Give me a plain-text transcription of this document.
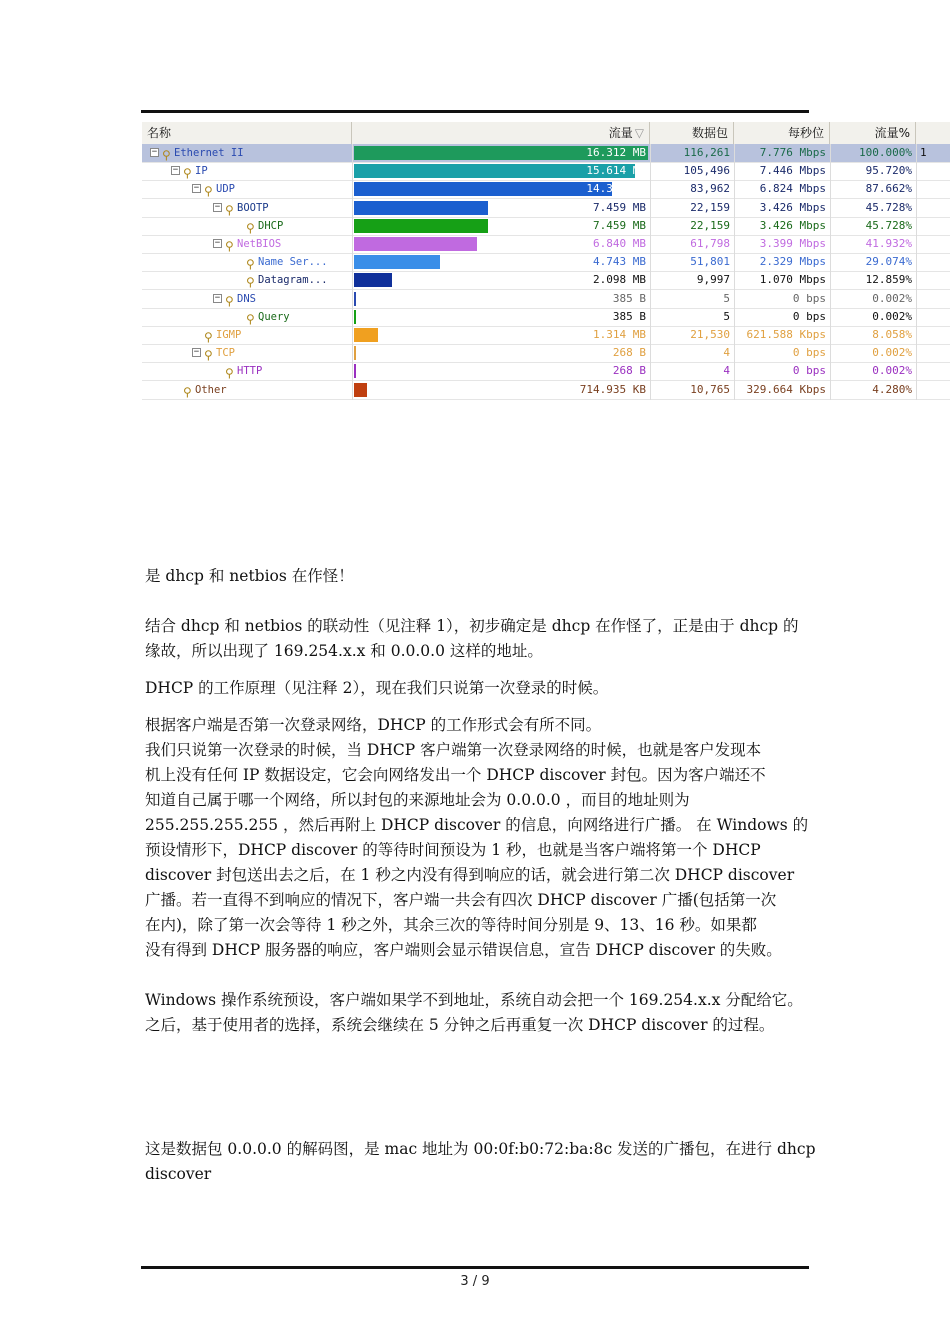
名称	流量 ▽	数据包	每秒位	流量%
− ⚲ Ethernet II	16.312 MB	116,261	7.776 Mbps	100.000% 1
− ⚲ IP	15.614 MB	105,496	7.446 Mbps	95.720%
− ⚲ UDP	14.300 MB	83,962	6.824 Mbps	87.662%
− ⚲ BOOTP	7.459 MB	22,159	3.426 Mbps	45.728%
⚲ DHCP	7.459 MB	22,159	3.426 Mbps	45.728%
− ⚲ NetBIOS	6.840 MB	61,798	3.399 Mbps	41.932%
⚲ Name Ser...	4.743 MB	51,801	2.329 Mbps	29.074%
⚲ Datagram...	2.098 MB	9,997	1.070 Mbps	12.859%
− ⚲ DNS	385 B	5	0 bps	0.002%
⚲ Query	385 B	5	0 bps	0.002%
⚲ IGMP	1.314 MB	21,530	621.588 Kbps	8.058%
− ⚲ TCP	268 B	4	0 bps	0.002%
⚲ HTTP	268 B	4	0 bps	0.002%
⚲ Other	714.935 KB	10,765	329.664 Kbps	4.280%
是 dhcp 和 netbios 在作怪！
结合 dhcp 和 netbios 的联动性（见注释 1），初步确定是 dhcp 在作怪了，正是由于 dhcp 的
缘故，所以出现了 169.254.x.x 和 0.0.0.0 这样的地址。
DHCP 的工作原理（见注释 2），现在我们只说第一次登录的时候。
根据客户端是否第一次登录网络，DHCP 的工作形式会有所不同。
我们只说第一次登录的时候，当 DHCP 客户端第一次登录网络的时候，也就是客户发现本
机上没有任何 IP 数据设定，它会向网络发出一个 DHCP discover 封包。因为客户端还不
知道自己属于哪一个网络，所以封包的来源地址会为 0.0.0.0 ，而目的地址则为
255.255.255.255 ，然后再附上 DHCP discover 的信息，向网络进行广播。 在 Windows 的
预设情形下，DHCP discover 的等待时间预设为 1 秒，也就是当客户端将第一个 DHCP
discover 封包送出去之后，在 1 秒之内没有得到响应的话，就会进行第二次 DHCP discover
广播。若一直得不到响应的情况下，客户端一共会有四次 DHCP discover 广播(包括第一次
在内)，除了第一次会等待 1 秒之外，其余三次的等待时间分别是 9、13、16 秒。如果都
没有得到 DHCP 服务器的响应，客户端则会显示错误信息，宣告 DHCP discover 的失败。
Windows 操作系统预设，客户端如果学不到地址，系统自动会把一个 169.254.x.x 分配给它。
之后，基于使用者的选择，系统会继续在 5 分钟之后再重复一次 DHCP discover 的过程。
这是数据包 0.0.0.0 的解码图，是 mac 地址为 00:0f:b0:72:ba:8c 发送的广播包，在进行 dhcp
discover
3 / 9
